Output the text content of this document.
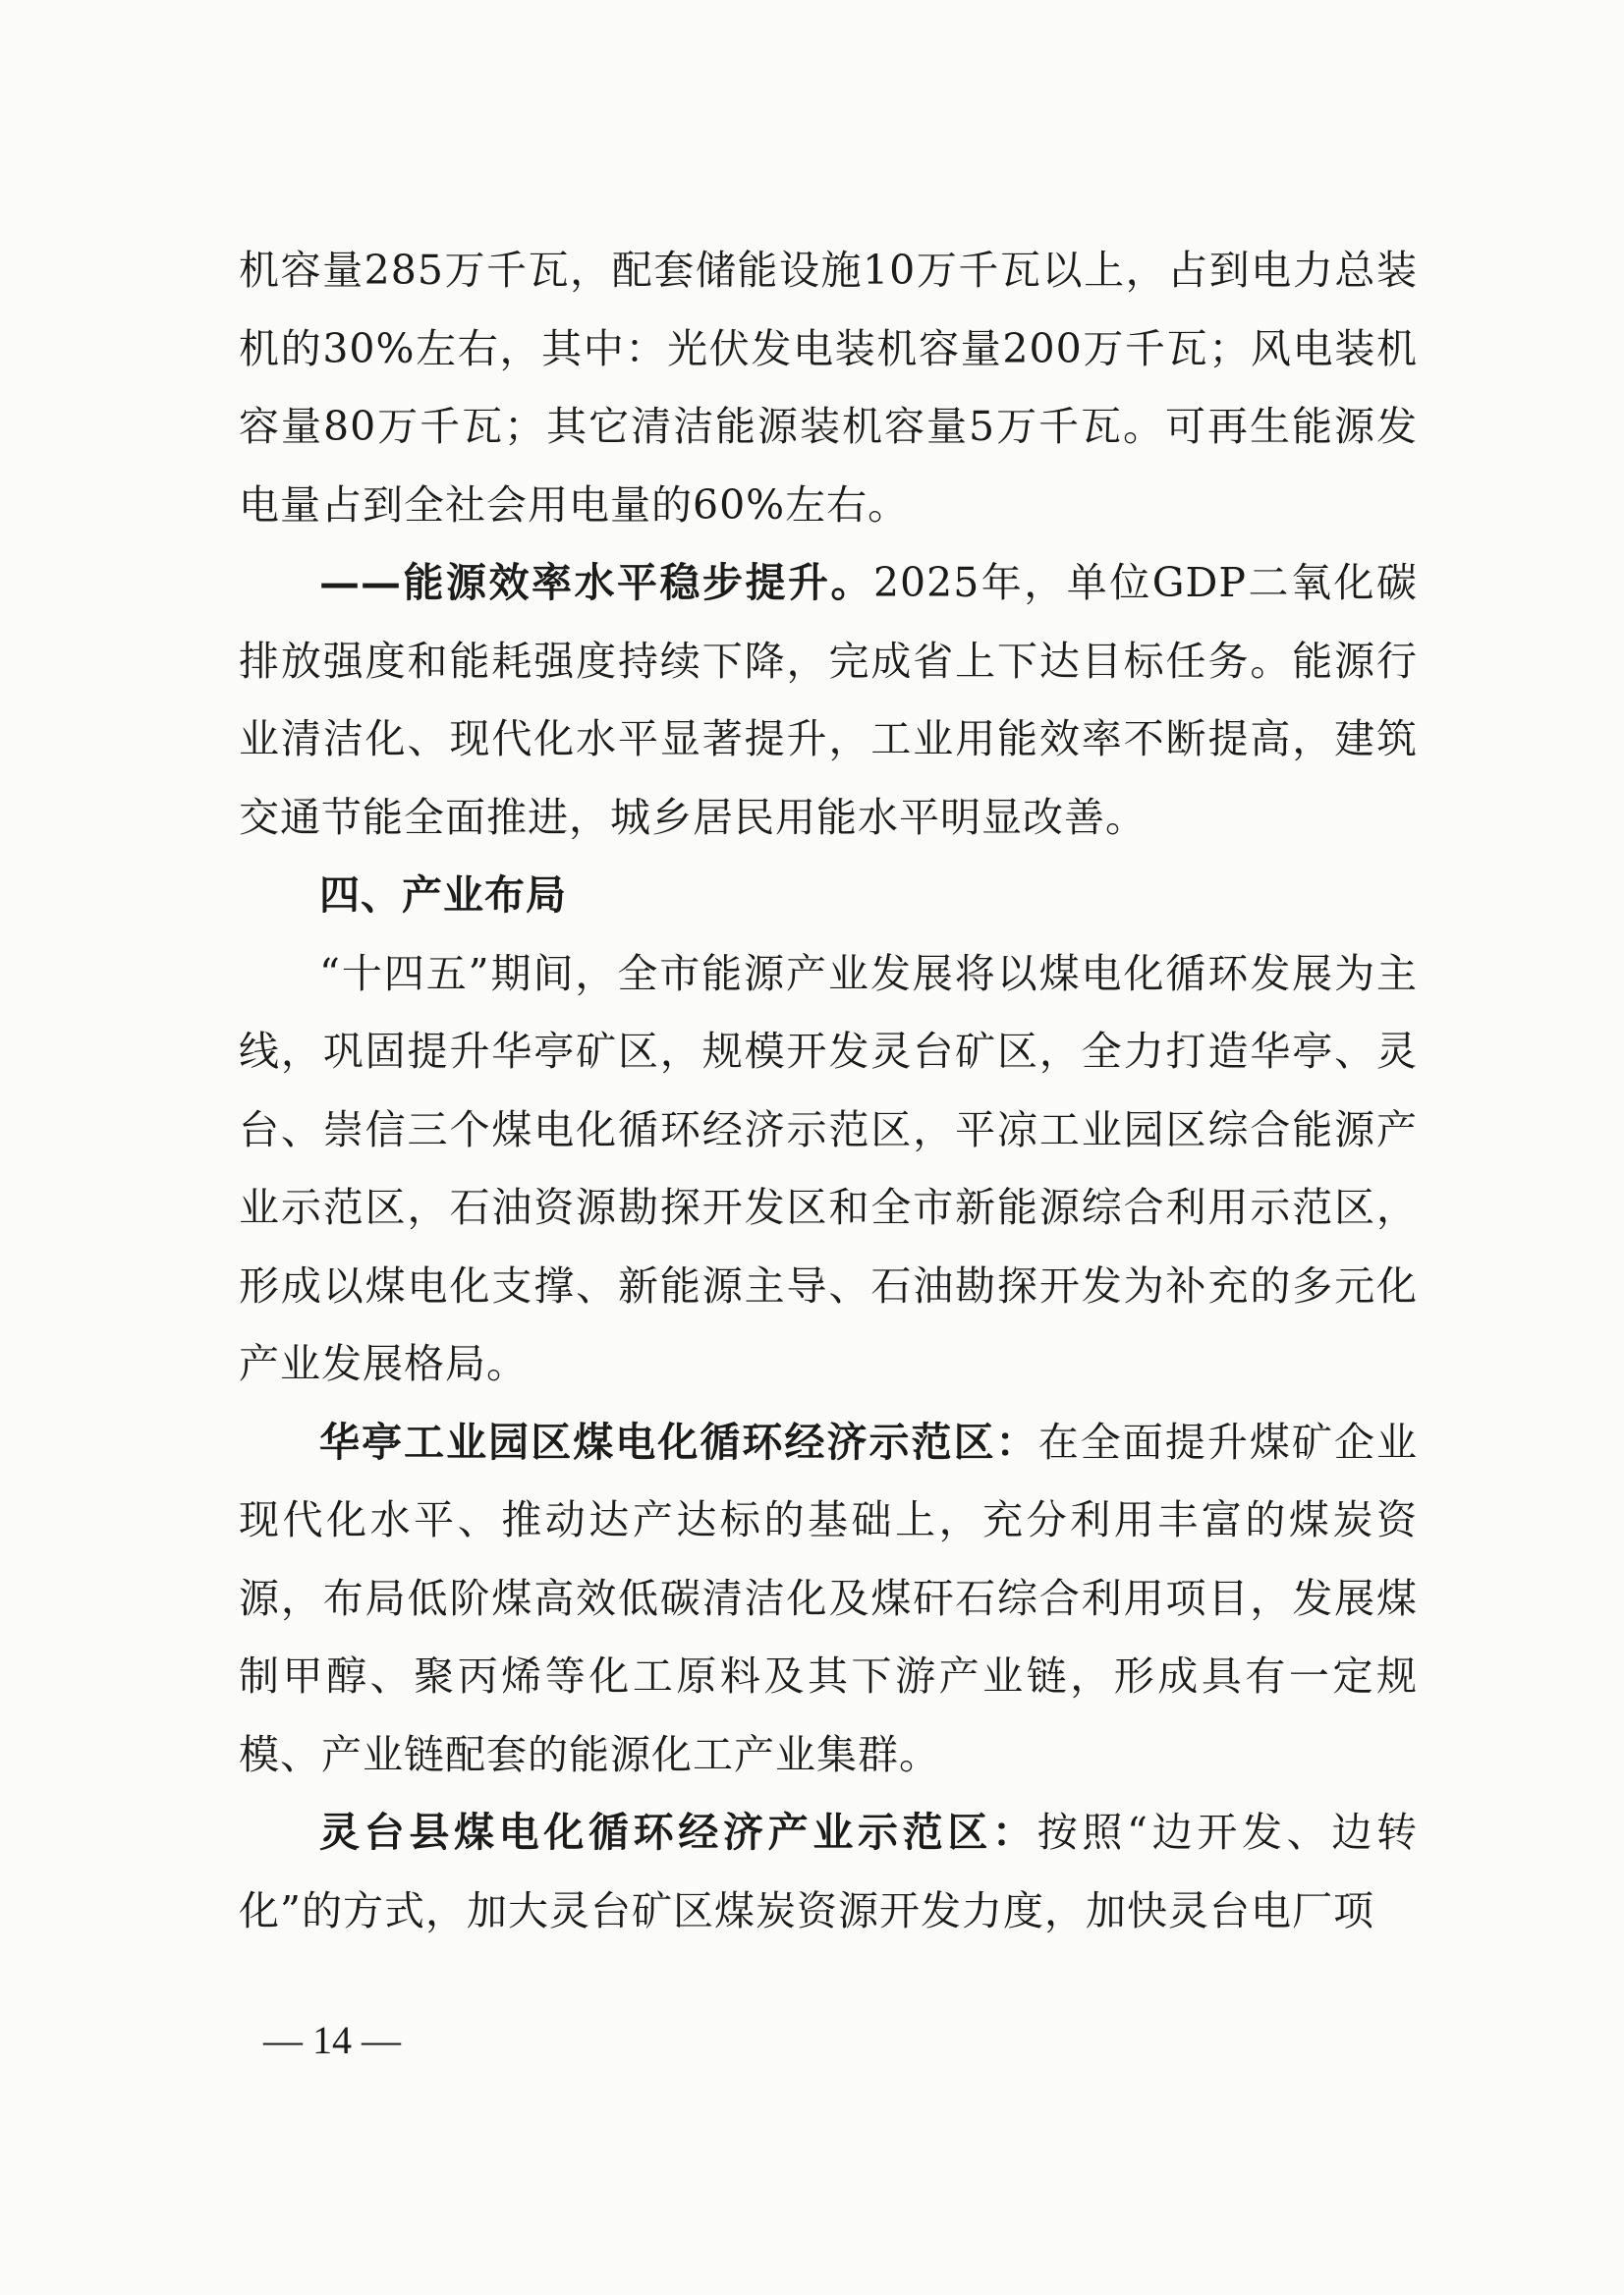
机容量285万千瓦，配套储能设施10万千瓦以上，占到电力总装机的30%左右，其中：光伏发电装机容量200万千瓦；风电装机容量80万千瓦；其它清洁能源装机容量5万千瓦。可再生能源发电量占到全社会用电量的60%左右。

——能源效率水平稳步提升。2025年，单位GDP二氧化碳排放强度和能耗强度持续下降，完成省上下达目标任务。能源行业清洁化、现代化水平显著提升，工业用能效率不断提高，建筑交通节能全面推进，城乡居民用能水平明显改善。

四、产业布局

“十四五”期间，全市能源产业发展将以煤电化循环发展为主线，巩固提升华亭矿区，规模开发灵台矿区，全力打造华亭、灵台、崇信三个煤电化循环经济示范区，平凉工业园区综合能源产业示范区，石油资源勘探开发区和全市新能源综合利用示范区，形成以煤电化支撑、新能源主导、石油勘探开发为补充的多元化产业发展格局。

华亭工业园区煤电化循环经济示范区：在全面提升煤矿企业现代化水平、推动达产达标的基础上，充分利用丰富的煤炭资源，布局低阶煤高效低碳清洁化及煤矸石综合利用项目，发展煤制甲醇、聚丙烯等化工原料及其下游产业链，形成具有一定规模、产业链配套的能源化工产业集群。

灵台县煤电化循环经济产业示范区：按照“边开发、边转化”的方式，加大灵台矿区煤炭资源开发力度，加快灵台电厂项

— 14 —
